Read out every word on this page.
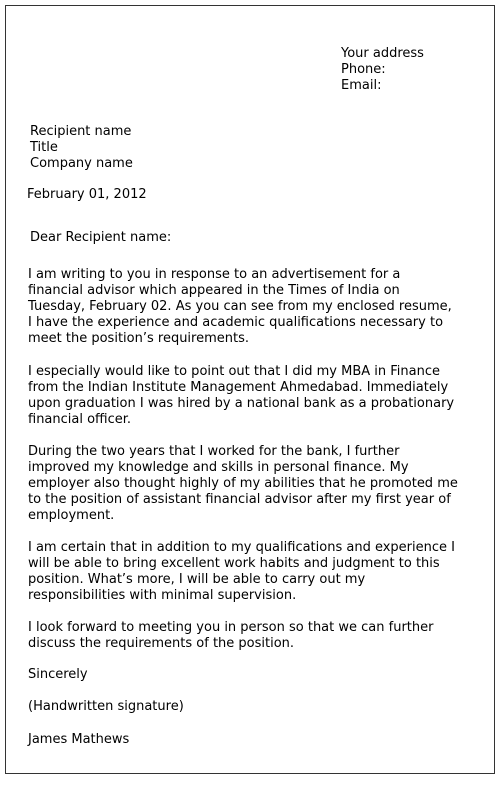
Your address
Phone:
Email:
Recipient name
Title
Company name
February 01, 2012
Dear Recipient name:
I am writing to you in response to an advertisement for a
financial advisor which appeared in the Times of India on
Tuesday, February 02. As you can see from my enclosed resume,
I have the experience and academic qualifications necessary to
meet the position’s requirements.
I especially would like to point out that I did my MBA in Finance
from the Indian Institute Management Ahmedabad. Immediately
upon graduation I was hired by a national bank as a probationary
financial officer.
During the two years that I worked for the bank, I further
improved my knowledge and skills in personal finance. My
employer also thought highly of my abilities that he promoted me
to the position of assistant financial advisor after my first year of
employment.
I am certain that in addition to my qualifications and experience I
will be able to bring excellent work habits and judgment to this
position. What’s more, I will be able to carry out my
responsibilities with minimal supervision.
I look forward to meeting you in person so that we can further
discuss the requirements of the position.
Sincerely
(Handwritten signature)
James Mathews
